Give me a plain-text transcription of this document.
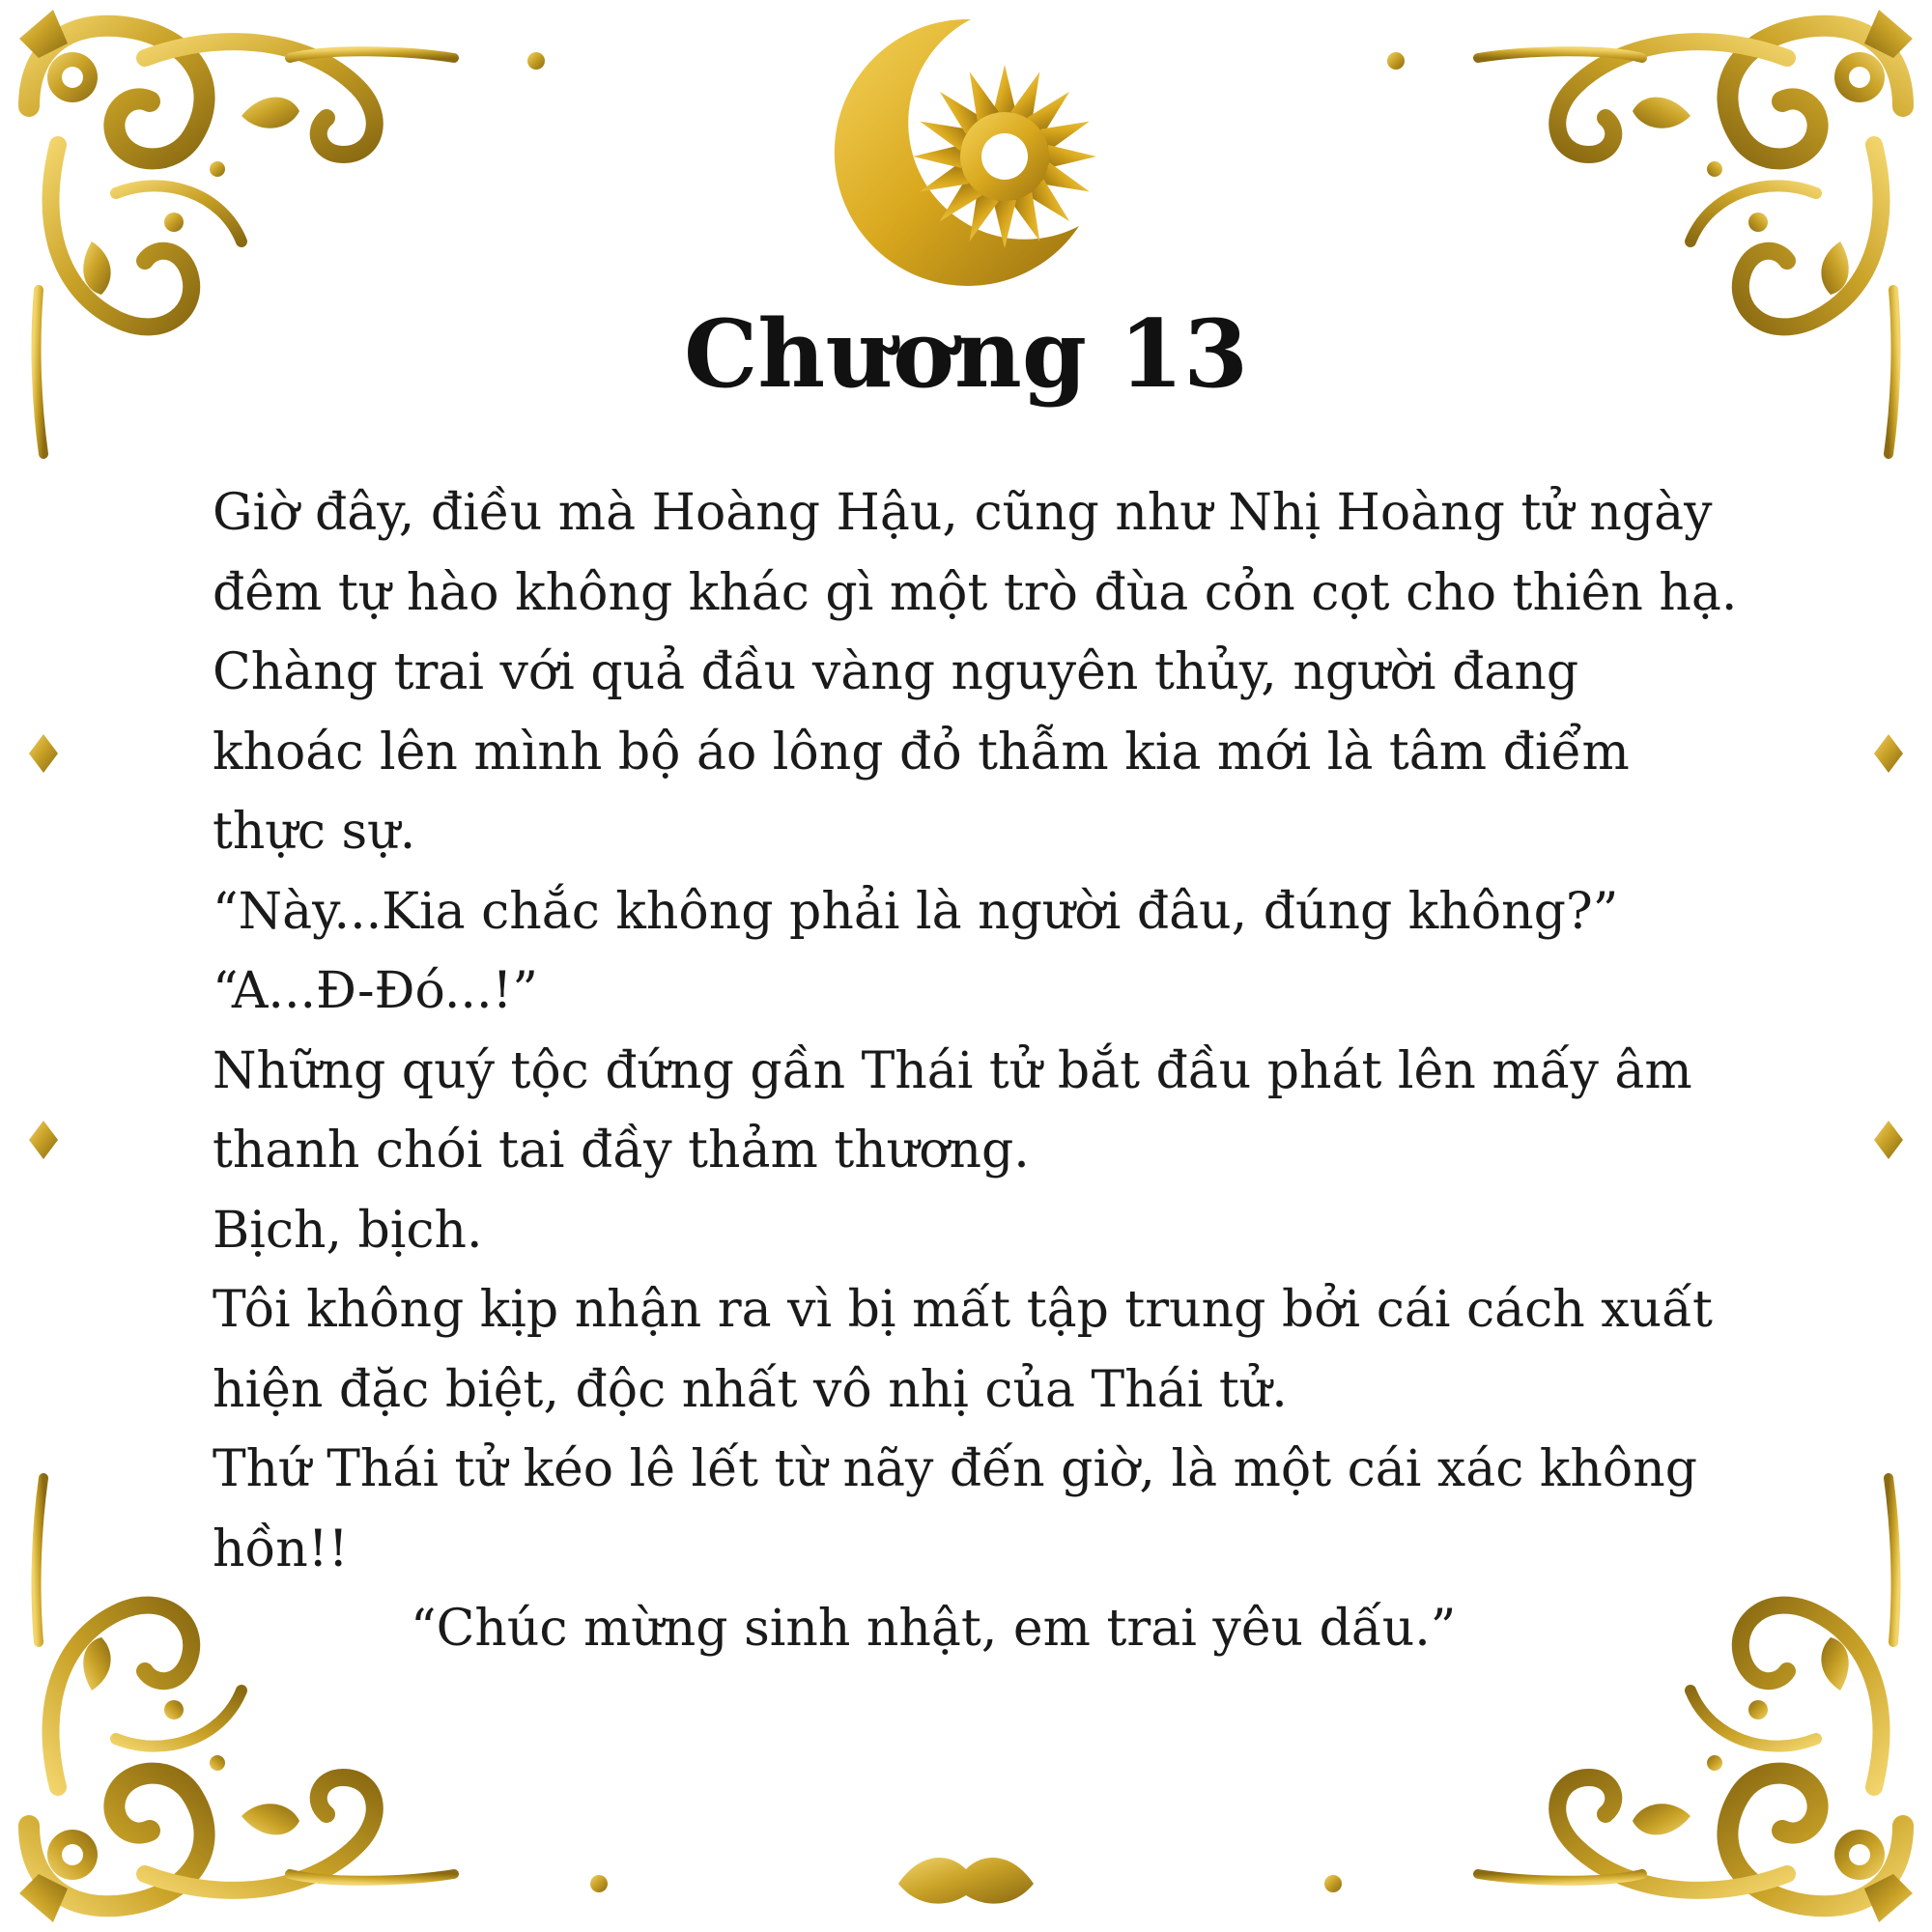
Chương 13

Giờ đây, điều mà Hoàng Hậu, cũng như Nhị Hoàng tử ngày đêm tự hào không khác gì một trò đùa cỏn cọt cho thiên hạ.

Chàng trai với quả đầu vàng nguyên thủy, người đang khoác lên mình bộ áo lông đỏ thẫm kia mới là tâm điểm thực sự.

“Này...Kia chắc không phải là người đâu, đúng không?”

“A...Đ-Đó...!”

Những quý tộc đứng gần Thái tử bắt đầu phát lên mấy âm thanh chói tai đầy thảm thương.

Bịch, bịch.

Tôi không kịp nhận ra vì bị mất tập trung bởi cái cách xuất hiện đặc biệt, độc nhất vô nhị của Thái tử.

Thứ Thái tử kéo lê lết từ nãy đến giờ, là một cái xác không hồn!!

“Chúc mừng sinh nhật, em trai yêu dấu.”
